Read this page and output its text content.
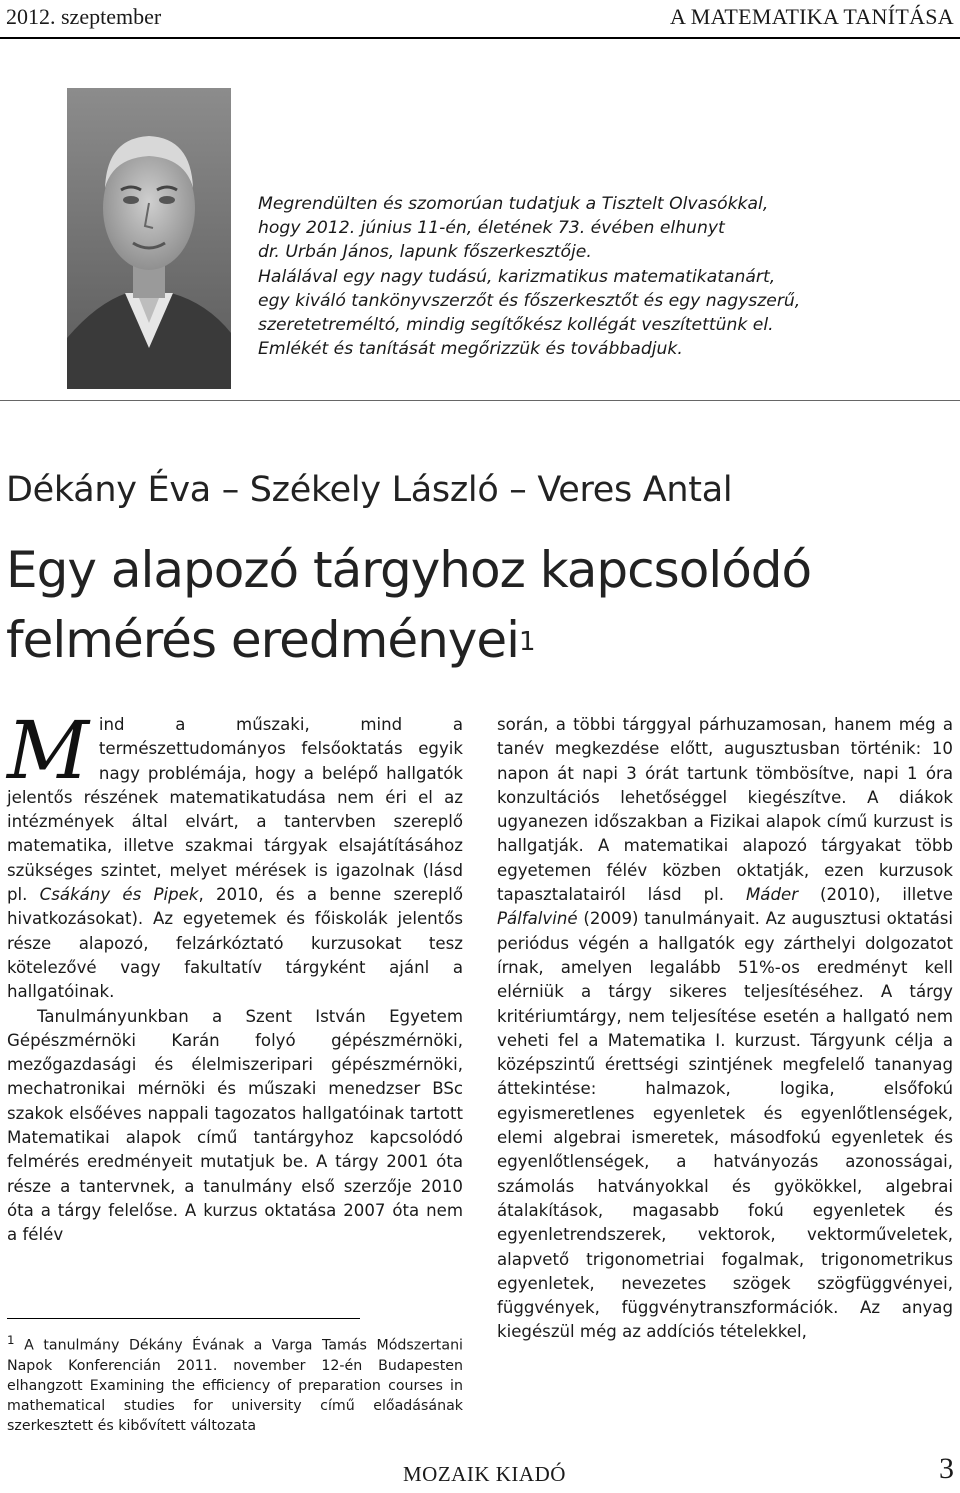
2012. szeptember	A MATEMATIKA TANÍTÁSA
Megrendülten és szomorúan tudatjuk a Tisztelt Olvasókkal,
hogy 2012. június 11-én, életének 73. évében elhunyt
dr. Urbán János, lapunk főszerkesztője.
Halálával egy nagy tudású, karizmatikus matematikatanárt,
egy kiváló tankönyvszerzőt és főszerkesztőt és egy nagyszerű,
szeretetreméltó, mindig segítőkész kollégát veszítettünk el.
Emlékét és tanítását megőrizzük és továbbadjuk.
Dékány Éva – Székely László – Veres Antal
Egy alapozó tárgyhoz kapcsolódó felmérés eredményei$^1$

Mind a műszaki, mind a természettudományos felsőoktatás egyik nagy problémája, hogy a belépő hallgatók jelentős részének matematikatudása nem éri el az intézmények által elvárt, a tantervben szereplő matematika, illetve szakmai tárgyak elsajátításához szükséges szintet, melyet mérések is igazolnak (lásd pl. Csákány és Pipek, 2010, és a benne szereplő hivatkozásokat). Az egyetemek és főiskolák jelentős része alapozó, felzárkóztató kurzusokat tesz kötelezővé vagy fakultatív tárgyként ajánl a hallgatóinak.

Tanulmányunkban a Szent István Egyetem Gépészmérnöki Karán folyó gépészmérnöki, mezőgazdasági és élelmiszeripari gépészmérnöki, mechatronikai mérnöki és műszaki menedzser BSc szakok elsőéves nappali tagozatos hallgatóinak tartott Matematikai alapok című tantárgyhoz kapcsolódó felmérés eredményeit mutatjuk be. A tárgy 2001 óta része a tantervnek, a tanulmány első szerzője 2010 óta a tárgy felelőse. A kurzus oktatása 2007 óta nem a félév

során, a többi tárggyal párhuzamosan, hanem még a tanév megkezdése előtt, augusztusban történik: 10 napon át napi 3 órát tartunk tömbösítve, napi 1 óra konzultációs lehetőséggel kiegészítve. A diákok ugyanezen időszakban a Fizikai alapok című kurzust is hallgatják. A matematikai alapozó tárgyakat több egyetemen félév közben oktatják, ezen kurzusok tapasztalatairól lásd pl. Máder (2010), illetve Pálfalviné (2009) tanulmányait. Az augusztusi oktatási periódus végén a hallgatók egy zárthelyi dolgozatot írnak, amelyen legalább 51%-os eredményt kell elérniük a tárgy sikeres teljesítéséhez. A tárgy kritériumtárgy, nem teljesítése esetén a hallgató nem veheti fel a Matematika I. kurzust. Tárgyunk célja a középszintű érettségi szintjének megfelelő tananyag áttekintése: halmazok, logika, elsőfokú egyismeretlenes egyenletek és egyenlőtlenségek, elemi algebrai ismeretek, másodfokú egyenletek és egyenlőtlenségek, a hatványozás azonosságai, számolás hatványokkal és gyökökkel, algebrai átalakítások, magasabb fokú egyenletek és egyenletrendszerek, vektorok, vektorműveletek, alapvető trigonometriai fogalmak, trigonometrikus egyenletek, nevezetes szögek szögfüggvényei, függvények, függvénytranszformációk. Az anyag kiegészül még az addíciós tételekkel,

$^1$ A tanulmány Dékány Évának a Varga Tamás Módszertani Napok Konferencián 2011. november 12-én Budapesten elhangzott Examining the efficiency of preparation courses in mathematical studies for university című előadásának szerkesztett és kibővített változata
MOZAIK KIADÓ	3
